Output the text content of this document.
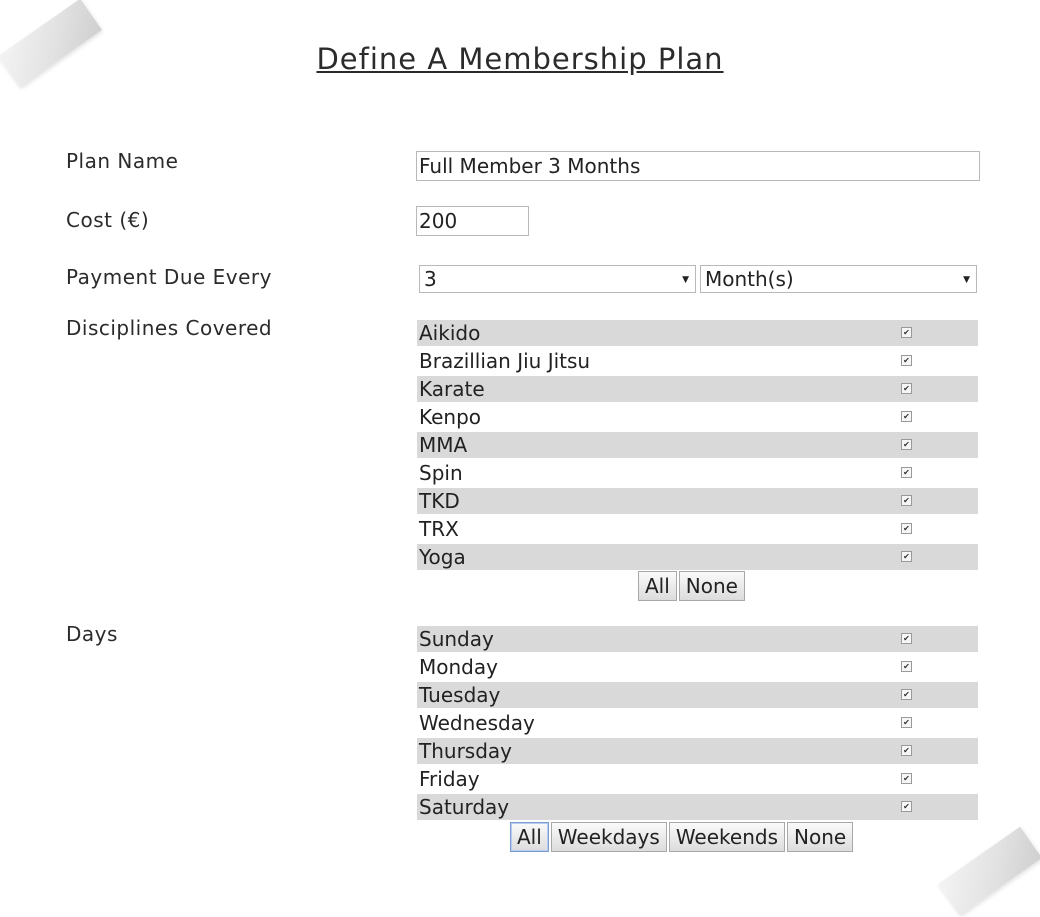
Define A Membership Plan
Plan Name
Full Member 3 Months
Cost (€)
200
Payment Due Every	3	▼ Month(s)	▼
Disciplines Covered	Aikido	✔
Brazillian Jiu Jitsu	✔
Karate	✔
Kenpo	✔
MMA	✔
Spin	✔
TKD	✔
TRX	✔
Yoga	✔
All None
Days	Sunday	✔
Monday	✔
Tuesday	✔
Wednesday	✔
Thursday	✔
Friday	✔
Saturday	✔
All Weekdays Weekends None
